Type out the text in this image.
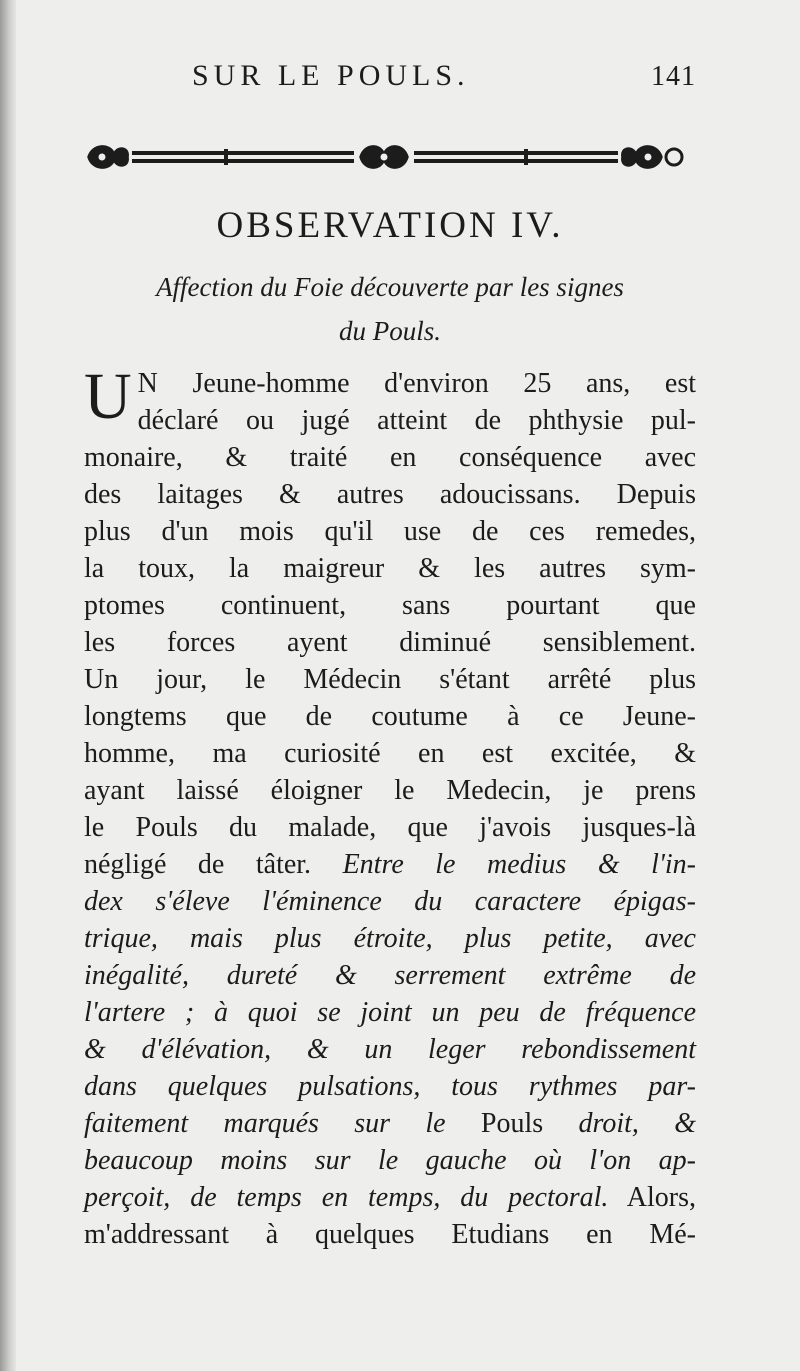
SUR LE POULS.	141
OBSERVATION IV.
Affection du Foie découverte par les signes
du Pouls.
U N Jeune-homme d'environ 25 ans, est
déclaré ou jugé atteint de phthysie pul-
monaire, & traité en conséquence avec
des laitages & autres adoucissans. Depuis
plus d'un mois qu'il use de ces remedes,
la toux, la maigreur & les autres sym-
ptomes continuent, sans pourtant que
les forces ayent diminué sensiblement.
Un jour, le Médecin s'étant arrêté plus
longtems que de coutume à ce Jeune-
homme, ma curiosité en est excitée, &
ayant laissé éloigner le Medecin, je prens
le Pouls du malade, que j'avois jusques-là
négligé de tâter. Entre le medius & l'in-
dex s'éleve l'éminence du caractere épigas-
trique, mais plus étroite, plus petite, avec
inégalité, dureté & serrement extrême de
l'artere ; à quoi se joint un peu de fréquence
& d'élévation, & un leger rebondissement
dans quelques pulsations, tous rythmes par-
faitement marqués sur le Pouls droit, &
beaucoup moins sur le gauche où l'on ap-
perçoit, de temps en temps, du pectoral. Alors,
m'addressant à quelques Etudians en Mé-
